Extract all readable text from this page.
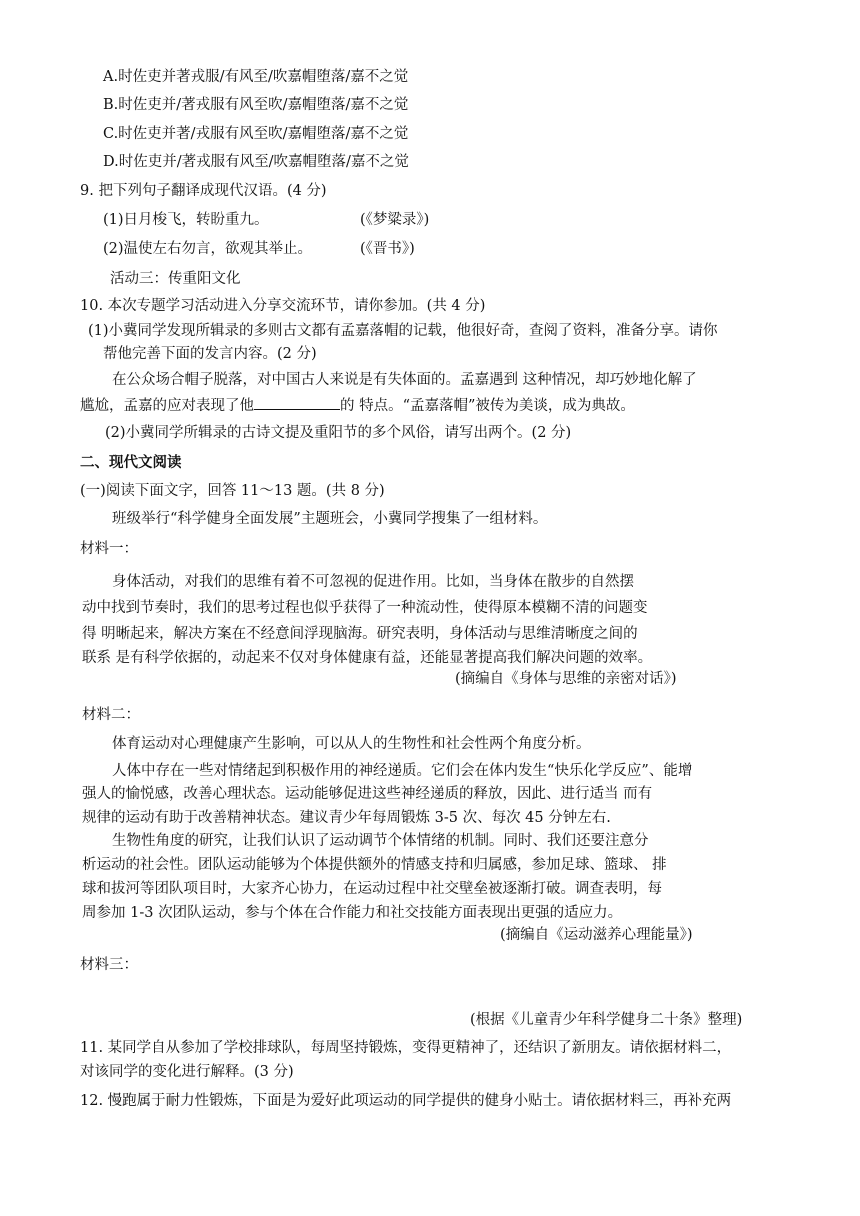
A.时佐吏并著戎服/有风至/吹嘉帽堕落/嘉不之觉
B.时佐吏并/著戎服有风至吹/嘉帽堕落/嘉不之觉
C.时佐吏并著/戎服有风至吹/嘉帽堕落/嘉不之觉
D.时佐吏并/著戎服有风至/吹嘉帽堕落/嘉不之觉
9. 把下列句子翻译成现代汉语。(4 分)
(1)日月梭飞，转盼重九。	(《梦粱录》)
(2)温使左右勿言，欲观其举止。	(《晋书》)
活动三：传重阳文化
10. 本次专题学习活动进入分享交流环节，请你参加。(共 4 分)
(1)小冀同学发现所辑录的多则古文都有孟嘉落帽的记载，他很好奇，查阅了资料，准备分享。请你
帮他完善下面的发言内容。(2 分)
在公众场合帽子脱落，对中国古人来说是有失体面的。孟嘉遇到 这种情况，却巧妙地化解了
尴尬，孟嘉的应对表现了他	的 特点。“孟嘉落帽”被传为美谈，成为典故。
(2)小冀同学所辑录的古诗文提及重阳节的多个风俗，请写出两个。(2 分)
二、现代文阅读
(一)阅读下面文字，回答 11～13 题。(共 8 分)
班级举行“科学健身全面发展”主题班会，小冀同学搜集了一组材料。
材料一：
身体活动，对我们的思维有着不可忽视的促进作用。比如，当身体在散步的自然摆
动中找到节奏时，我们的思考过程也似乎获得了一种流动性，使得原本模糊不清的问题变
得 明晰起来，解决方案在不经意间浮现脑海。研究表明，身体活动与思维清晰度之间的
联系 是有科学依据的，动起来不仅对身体健康有益，还能显著提高我们解决问题的效率。
(摘编自《身体与思维的亲密对话》)
材料二：
体育运动对心理健康产生影响，可以从人的生物性和社会性两个角度分析。
人体中存在一些对情绪起到积极作用的神经递质。它们会在体内发生“快乐化学反应”、能增
强人的愉悦感，改善心理状态。运动能够促进这些神经递质的释放，因此、进行适当 而有
规律的运动有助于改善精神状态。建议青少年每周锻炼 3-5 次、每次 45 分钟左右.
生物性角度的研究，让我们认识了运动调节个体情绪的机制。同时、我们还要注意分
析运动的社会性。团队运动能够为个体提供额外的情感支持和归属感，参加足球、篮球、 排
球和拔河等团队项目时，大家齐心协力，在运动过程中社交壁垒被逐渐打破。调查表明，每
周参加 1-3 次团队运动，参与个体在合作能力和社交技能方面表现出更强的适应力。
(摘编自《运动滋养心理能量》)
材料三：
(根据《儿童青少年科学健身二十条》整理)
11. 某同学自从参加了学校排球队，每周坚持锻炼，变得更精神了，还结识了新朋友。请依据材料二，
对该同学的变化进行解释。(3 分)
12. 慢跑属于耐力性锻炼，下面是为爱好此项运动的同学提供的健身小贴士。请依据材料三，再补充两
